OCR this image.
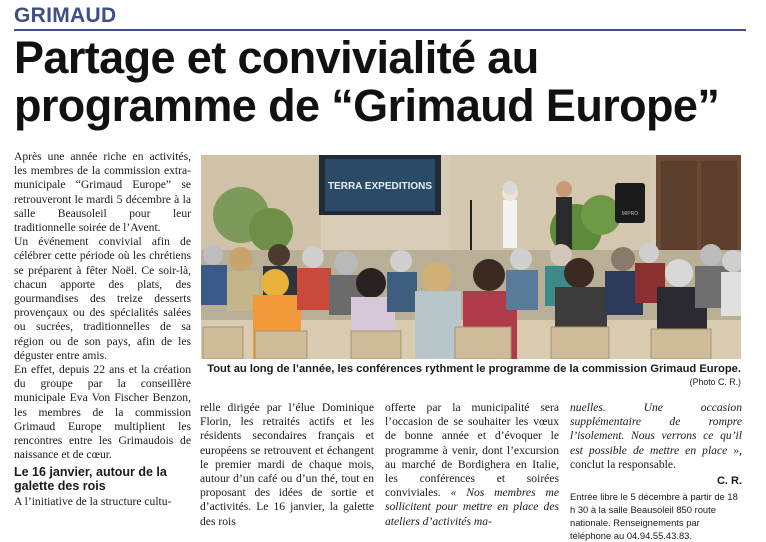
GRIMAUD
Partage et convivialité au
programme de “Grimaud Europe”

Après une année riche en activités, les membres de la commission extra-municipale “Grimaud Europe” se retrouveront le mardi 5 décembre à la salle Beausoleil pour leur traditionnelle soirée de l’Avent.

Un événement convivial afin de célébrer cette période où les chrétiens se préparent à fêter Noël. Ce soir-là, chacun apporte des plats, des gourmandises des treize desserts provençaux ou des spécialités salées ou sucrées, traditionnelles de sa région ou de son pays, afin de les déguster entre amis.

En effet, depuis 22 ans et la création du groupe par la conseillère municipale Eva Von Fischer Benzon, les membres de la commission Grimaud Europe multiplient les rencontres entre les Grimaudois de naissance et de cœur.

Le 16 janvier, autour de la galette des rois

A l’initiative de la structure cultu-

TERRA EXPEDITIONS
MIPRO
Tout au long de l’année, les conférences rythment le programme de la commission Grimaud Europe.
(Photo C. R.)

relle dirigée par l’élue Dominique Florin, les retraités actifs et les résidents secondaires français et européens se retrouvent et échangent le premier mardi de chaque mois, autour d’un café ou d’un thé, tout en proposant des idées de sortie et d’activités. Le 16 janvier, la galette des rois

offerte par la municipalité sera l’occasion de se souhaiter les vœux de bonne année et d’évoquer le programme à venir, dont l’excursion au marché de Bordighera en Italie, les conférences et soirées conviviales. « Nos membres me sollicitent pour mettre en place des ateliers d’activités ma-

nuelles. Une occasion supplémentaire de rompre l’isolement. Nous verrons ce qu’il est possible de mettre en place », conclut la responsable.

C. R.
Entrée libre le 5 décembre à partir de 18 h 30 à la salle Beausoleil 850 route nationale. Renseignements par téléphone au 04.94.55.43.83.
